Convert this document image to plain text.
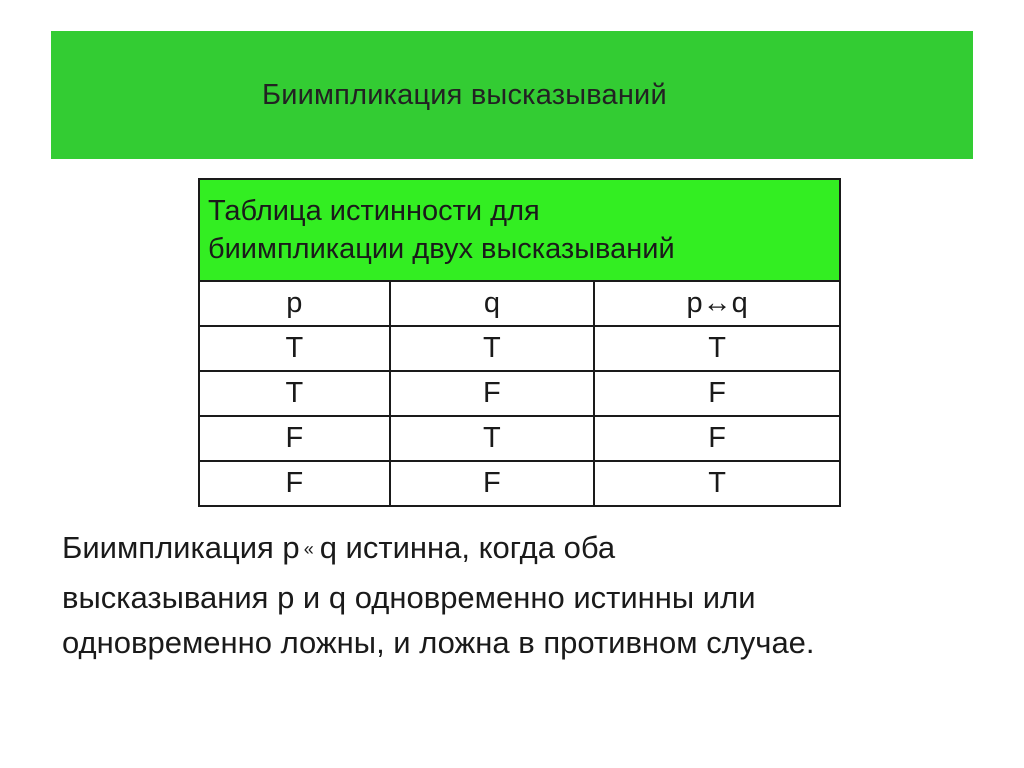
Биимпликация высказываний
Таблица истинности для
биимпликации двух высказываний		

p	q	p↔q
T	T	T
T	F	F
F	T	F
F	F	T
Биимпликация p « q истинна, когда оба
высказывания p и q одновременно истинны или
одновременно ложны, и ложна в противном случае.
